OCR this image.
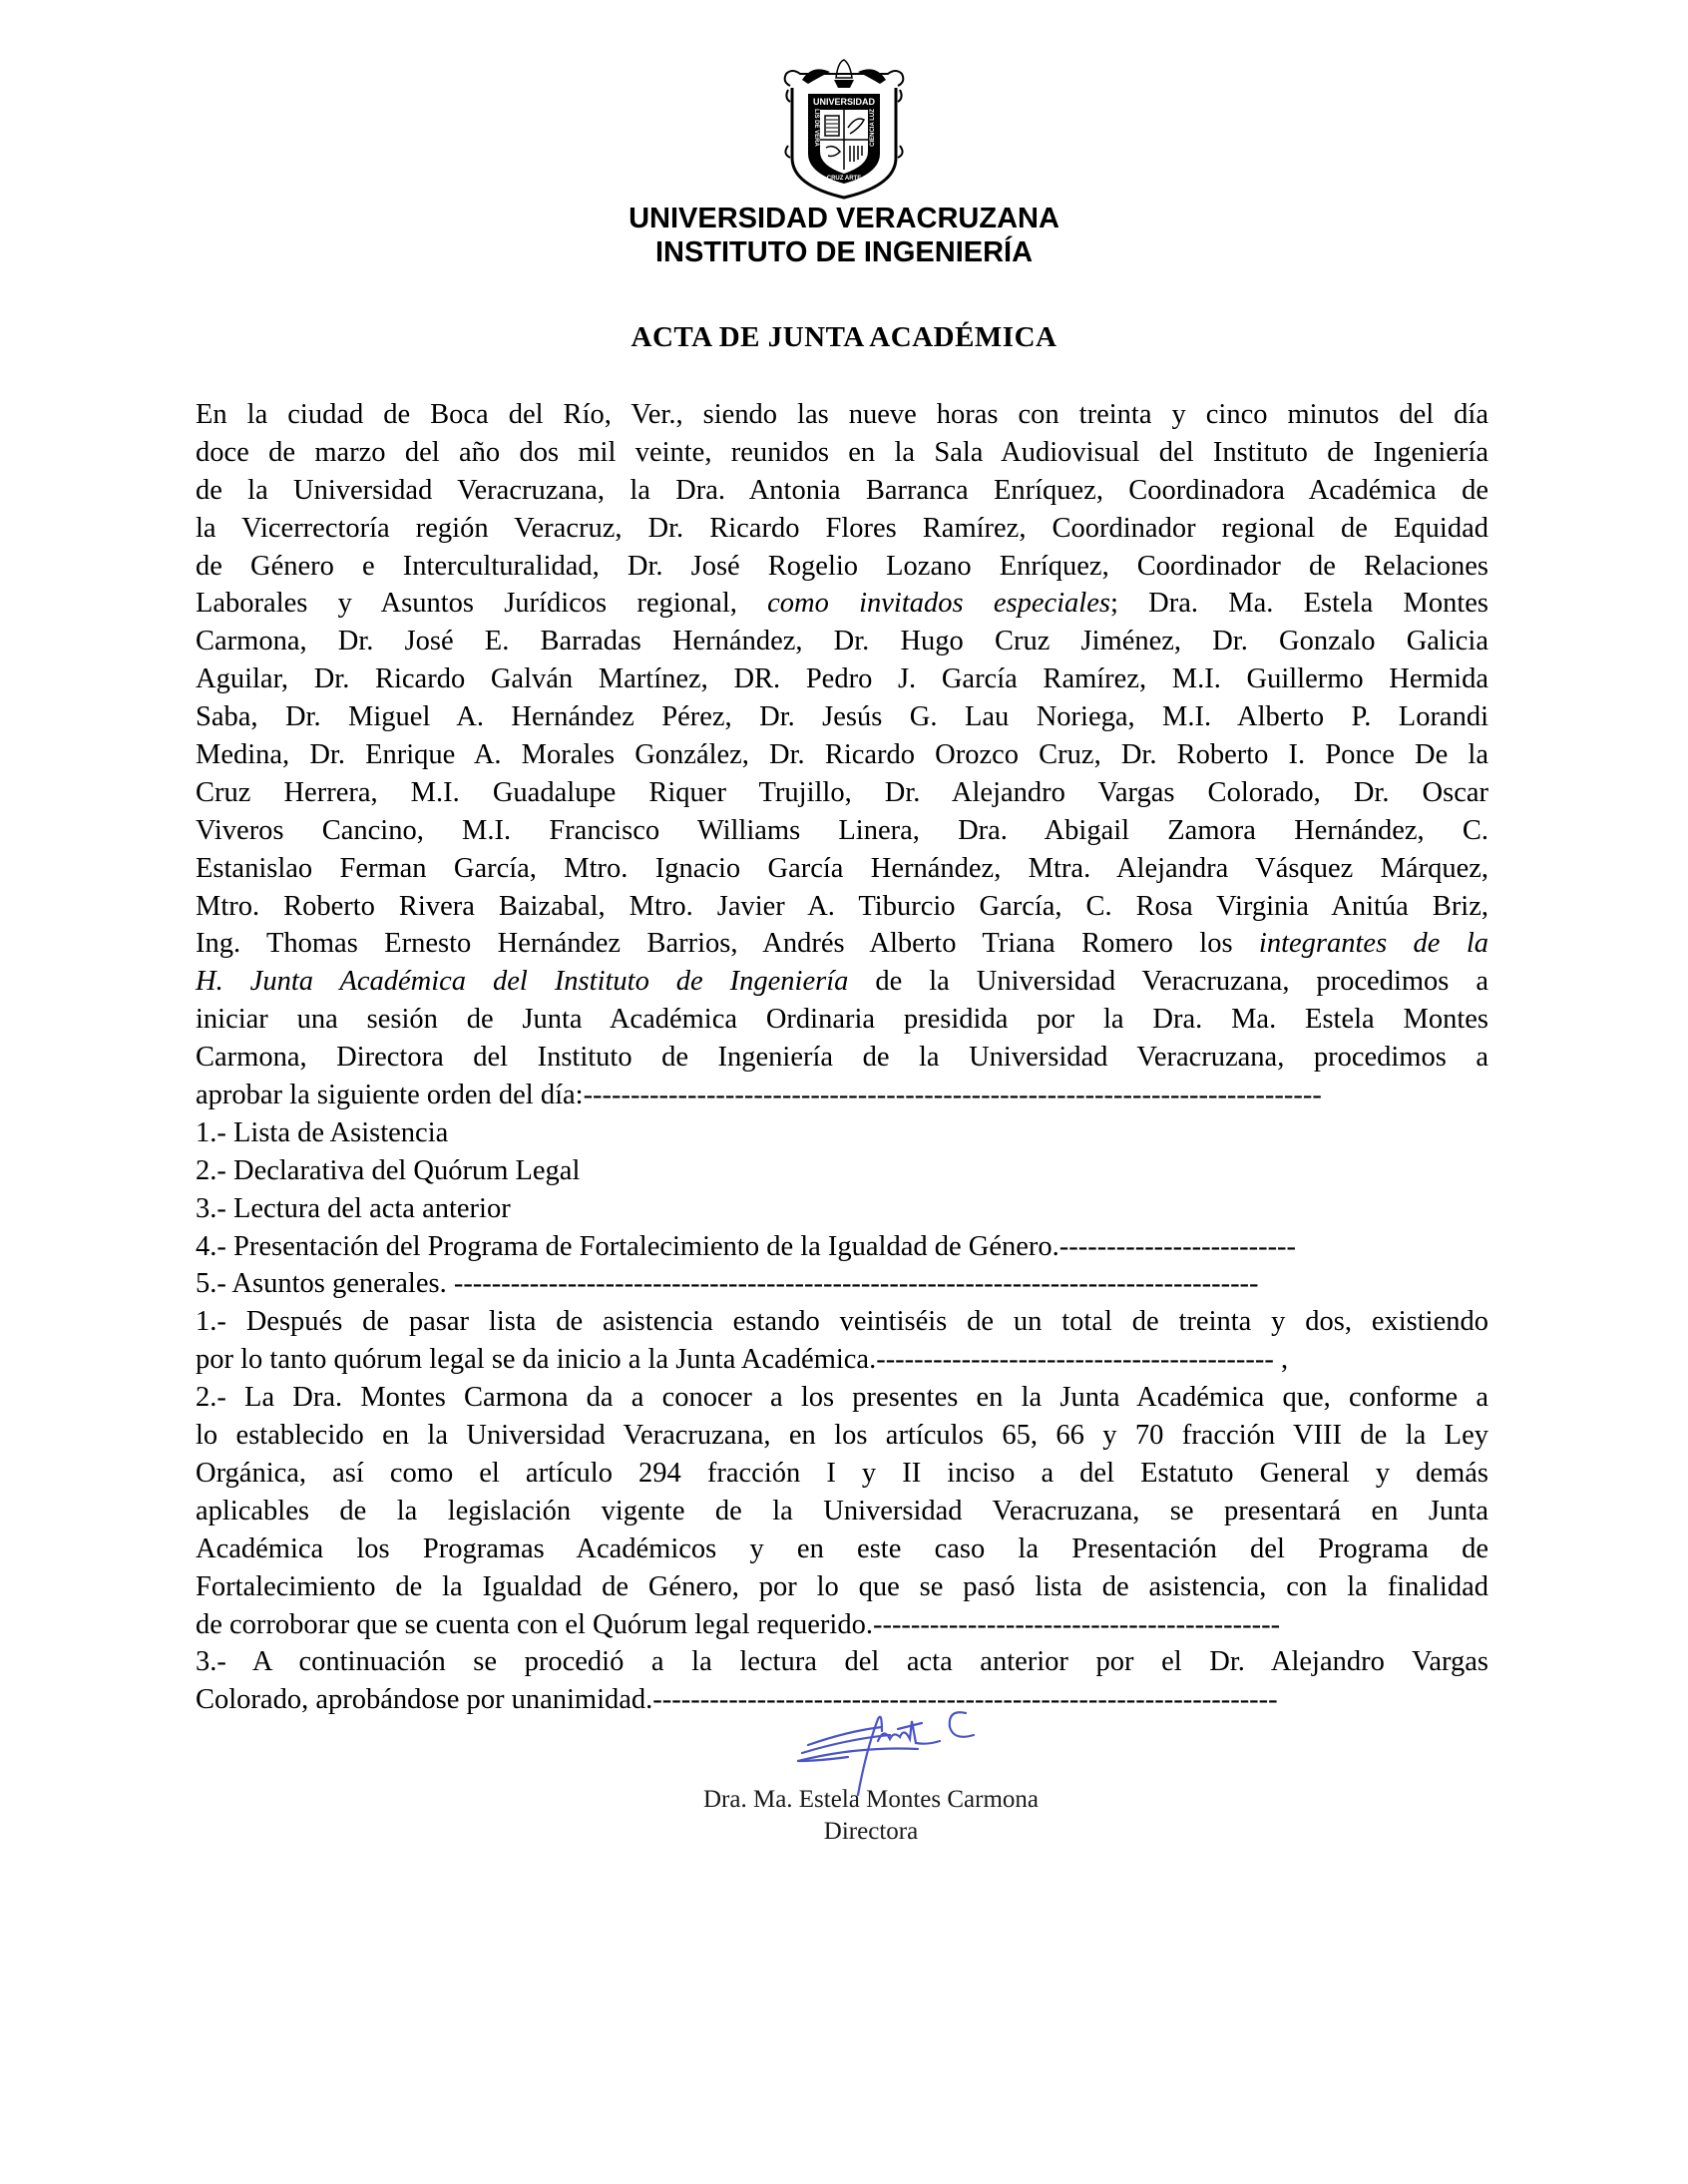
UNIVERSIDAD
LIS DE VERA	CIENCIA LUZ
CRUZ ARTE
UNIVERSIDAD VERACRUZANA
INSTITUTO DE INGENIERÍA
ACTA DE JUNTA ACADÉMICA
En la ciudad de Boca del Río, Ver., siendo las nueve horas con treinta y cinco minutos del día
doce de marzo del año dos mil veinte, reunidos en la Sala Audiovisual del Instituto de Ingeniería
de la Universidad Veracruzana, la Dra. Antonia Barranca Enríquez, Coordinadora Académica de
la Vicerrectoría región Veracruz, Dr. Ricardo Flores Ramírez, Coordinador regional de Equidad
de Género e Interculturalidad, Dr. José Rogelio Lozano Enríquez, Coordinador de Relaciones
Laborales y Asuntos Jurídicos regional, como invitados especiales; Dra. Ma. Estela Montes
Carmona, Dr. José E. Barradas Hernández, Dr. Hugo Cruz Jiménez, Dr. Gonzalo Galicia
Aguilar, Dr. Ricardo Galván Martínez, DR. Pedro J. García Ramírez, M.I. Guillermo Hermida
Saba, Dr. Miguel A. Hernández Pérez, Dr. Jesús G. Lau Noriega, M.I. Alberto P. Lorandi
Medina, Dr. Enrique A. Morales González, Dr. Ricardo Orozco Cruz, Dr. Roberto I. Ponce De la
Cruz Herrera, M.I. Guadalupe Riquer Trujillo, Dr. Alejandro Vargas Colorado, Dr. Oscar
Viveros Cancino, M.I. Francisco Williams Linera, Dra. Abigail Zamora Hernández, C.
Estanislao Ferman García, Mtro. Ignacio García Hernández, Mtra. Alejandra Vásquez Márquez,
Mtro. Roberto Rivera Baizabal, Mtro. Javier A. Tiburcio García, C. Rosa Virginia Anitúa Briz,
Ing. Thomas Ernesto Hernández Barrios, Andrés Alberto Triana Romero los integrantes de la
H. Junta Académica del Instituto de Ingeniería de la Universidad Veracruzana, procedimos a
iniciar una sesión de Junta Académica Ordinaria presidida por la Dra. Ma. Estela Montes
Carmona, Directora del Instituto de Ingeniería de la Universidad Veracruzana, procedimos a
aprobar la siguiente orden del día:------------------------------------------------------------------------------
1.- Lista de Asistencia
2.- Declarativa del Quórum Legal
3.- Lectura del acta anterior
4.- Presentación del Programa de Fortalecimiento de la Igualdad de Género.-------------------------
5.- Asuntos generales. -------------------------------------------------------------------------------------
1.- Después de pasar lista de asistencia estando veintiséis de un total de treinta y dos, existiendo
por lo tanto quórum legal se da inicio a la Junta Académica.------------------------------------------ ,
2.- La Dra. Montes Carmona da a conocer a los presentes en la Junta Académica que, conforme a
lo establecido en la Universidad Veracruzana, en los artículos 65, 66 y 70 fracción VIII de la Ley
Orgánica, así como el artículo 294 fracción I y II inciso a del Estatuto General y demás
aplicables de la legislación vigente de la Universidad Veracruzana, se presentará en Junta
Académica los Programas Académicos y en este caso la Presentación del Programa de
Fortalecimiento de la Igualdad de Género, por lo que se pasó lista de asistencia, con la finalidad
de corroborar que se cuenta con el Quórum legal requerido.-------------------------------------------
3.- A continuación se procedió a la lectura del acta anterior por el Dr. Alejandro Vargas
Colorado, aprobándose por unanimidad.------------------------------------------------------------------
Dra. Ma. Estela Montes Carmona
Directora
